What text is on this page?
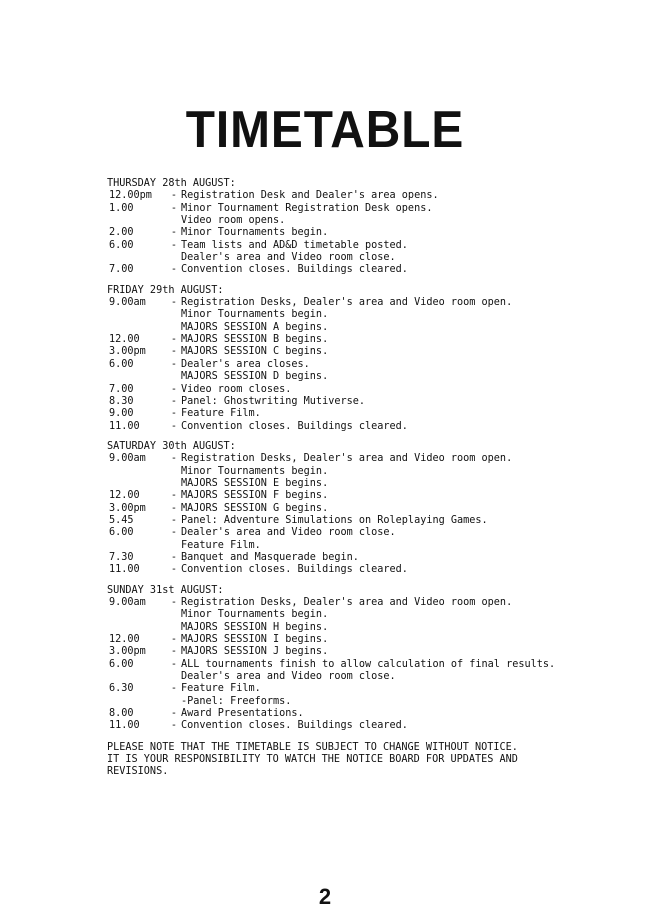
TIMETABLE
THURSDAY 28th AUGUST:
12.00pm	- Registration Desk and Dealer's area opens.
1.00	- Minor Tournament Registration Desk opens.
Video room opens.
2.00	- Minor Tournaments begin.
6.00	- Team lists and AD&D timetable posted.
Dealer's area and Video room close.
7.00	- Convention closes. Buildings cleared.
FRIDAY 29th AUGUST:
9.00am	- Registration Desks, Dealer's area and Video room open.
Minor Tournaments begin.
MAJORS SESSION A begins.
12.00	- MAJORS SESSION B begins.
3.00pm	- MAJORS SESSION C begins.
6.00	- Dealer's area closes.
MAJORS SESSION D begins.
7.00	- Video room closes.
8.30	- Panel: Ghostwriting Mutiverse.
9.00	- Feature Film.
11.00	- Convention closes. Buildings cleared.
SATURDAY 30th AUGUST:
9.00am	- Registration Desks, Dealer's area and Video room open.
Minor Tournaments begin.
MAJORS SESSION E begins.
12.00	- MAJORS SESSION F begins.
3.00pm	- MAJORS SESSION G begins.
5.45	- Panel: Adventure Simulations on Roleplaying Games.
6.00	- Dealer's area and Video room close.
Feature Film.
7.30	- Banquet and Masquerade begin.
11.00	- Convention closes. Buildings cleared.
SUNDAY 31st AUGUST:
9.00am	- Registration Desks, Dealer's area and Video room open.
Minor Tournaments begin.
MAJORS SESSION H begins.
12.00	- MAJORS SESSION I begins.
3.00pm	- MAJORS SESSION J begins.
6.00	- ALL tournaments finish to allow calculation of final results.
Dealer's area and Video room close.
6.30	- Feature Film.
-Panel: Freeforms.
8.00	- Award Presentations.
11.00	- Convention closes. Buildings cleared.
PLEASE NOTE THAT THE TIMETABLE IS SUBJECT TO CHANGE WITHOUT NOTICE.
IT IS YOUR RESPONSIBILITY TO WATCH THE NOTICE BOARD FOR UPDATES AND
REVISIONS.
2
